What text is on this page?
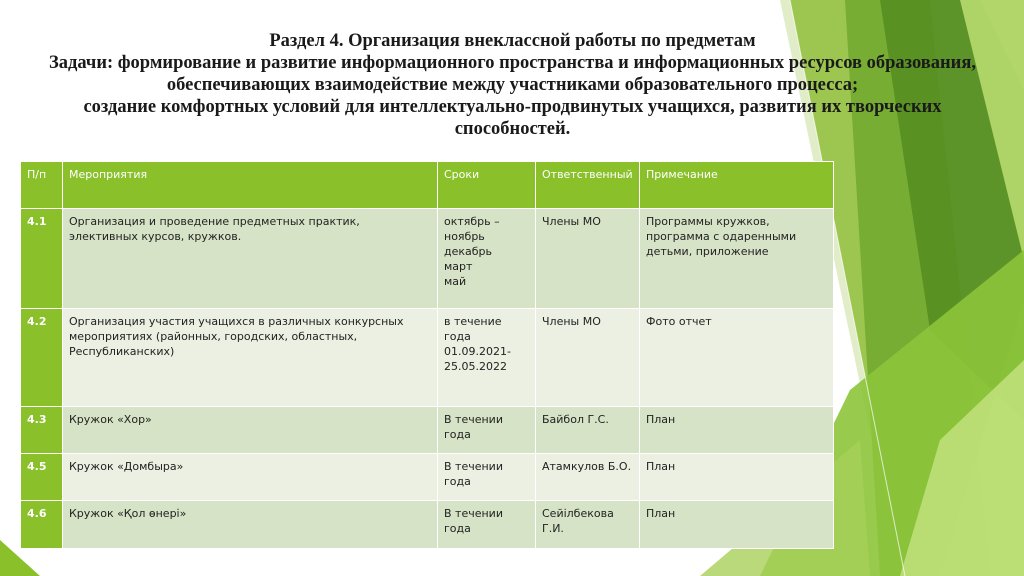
Раздел 4. Организация внеклассной работы по предметам
Задачи: формирование и развитие информационного пространства и информационных ресурсов образования,
обеспечивающих взаимодействие между участниками образовательного процесса;
создание комфортных условий для интеллектуально-продвинутых учащихся, развития их творческих
способностей.
П/п	Мероприятия	Сроки	Ответственный	Примечание
4.1	Организация и проведение предметных практик, элективных курсов, кружков.	октябрь –
ноябрь
декабрь
март
май	Члены МО	Программы кружков, программа с одаренными детьми, приложение
4.2	Организация участия учащихся в различных конкурсных мероприятиях (районных, городских, областных, Республиканских)	в течение года 01.09.2021- 25.05.2022	Члены МО	Фото отчет
4.3	Кружок «Хор»	В течении года	Байбол Г.С.	План
4.5	Кружок «Домбыра»	В течении года	Атамкулов Б.О.	План
4.6	Кружок «Қол өнері»	В течении года	Сейілбекова Г.И.	План
